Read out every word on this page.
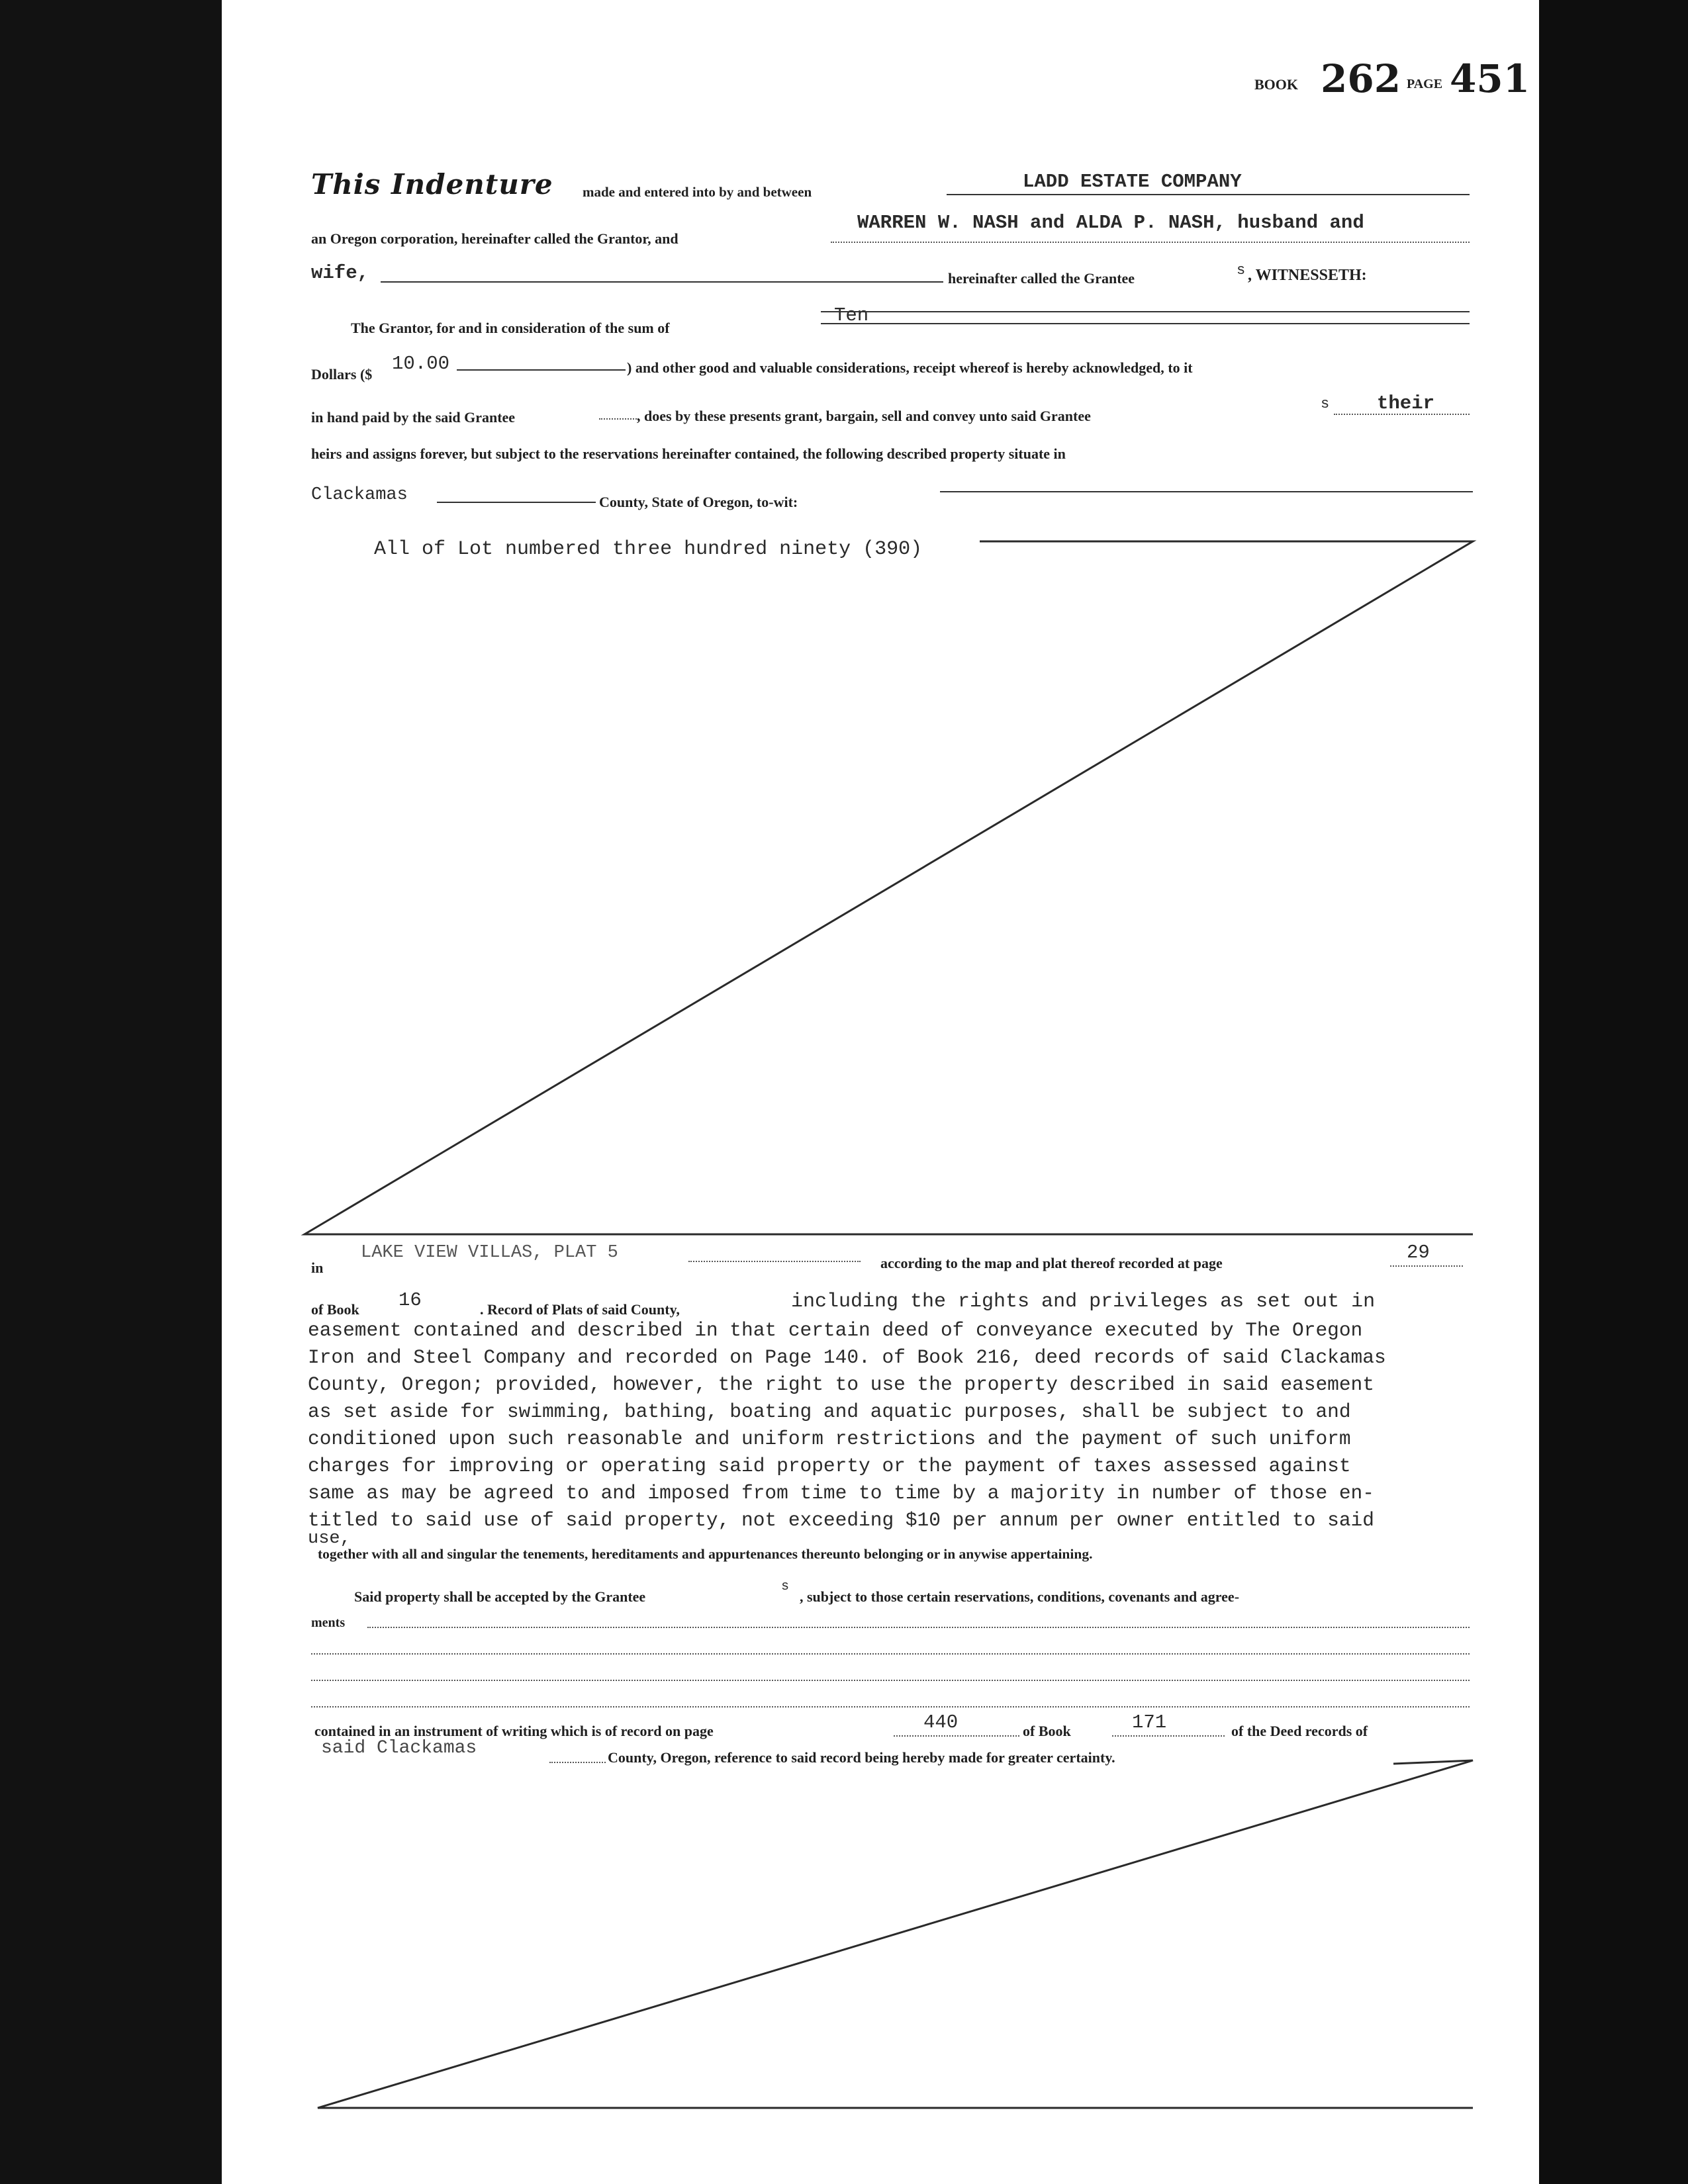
BOOK 262 PAGE 451
This Indenture made and entered into by and between	LADD ESTATE COMPANY
an Oregon corporation, hereinafter called the Grantor, and
WARREN W. NASH and ALDA P. NASH, husband and
wife,	hereinafter called the Grantee	s , WITNESSETH:
The Grantor, for and in consideration of the sum of
Ten
Dollars ($ 10.00	) and other good and valuable considerations, receipt whereof is hereby acknowledged, to it
in hand paid by the said Grantee	, does by these presents grant, bargain, sell and convey unto said Grantee
s their
heirs and assigns forever, but subject to the reservations hereinafter contained, the following described property situate in
Clackamas	County, State of Oregon, to-wit:
All of Lot numbered three hundred ninety (390)
in
LAKE VIEW VILLAS, PLAT 5
according to the map and plat thereof recorded at page	29
of Book 16	. Record of Plats of said County,	including the rights and privileges as set out in
easement contained and described in that certain deed of conveyance executed by The Oregon
Iron and Steel Company and recorded on Page 140. of Book 216, deed records of said Clackamas
County, Oregon; provided, however, the right to use the property described in said easement
as set aside for swimming, bathing, boating and aquatic purposes, shall be subject to and
conditioned upon such reasonable and uniform restrictions and the payment of such uniform
charges for improving or operating said property or the payment of taxes assessed against
same as may be agreed to and imposed from time to time by a majority in number of those en-
titled to said use of said property, not exceeding $10 per annum per owner entitled to said
use,
together with all and singular the tenements, hereditaments and appurtenances thereunto belonging or in anywise appertaining.
Said property shall be accepted by the Grantee
s
, subject to those certain reservations, conditions, covenants and agree-
ments
contained in an instrument of writing which is of record on page	440	of Book	171	of the Deed records of
said Clackamas	County, Oregon, reference to said record being hereby made for greater certainty.
